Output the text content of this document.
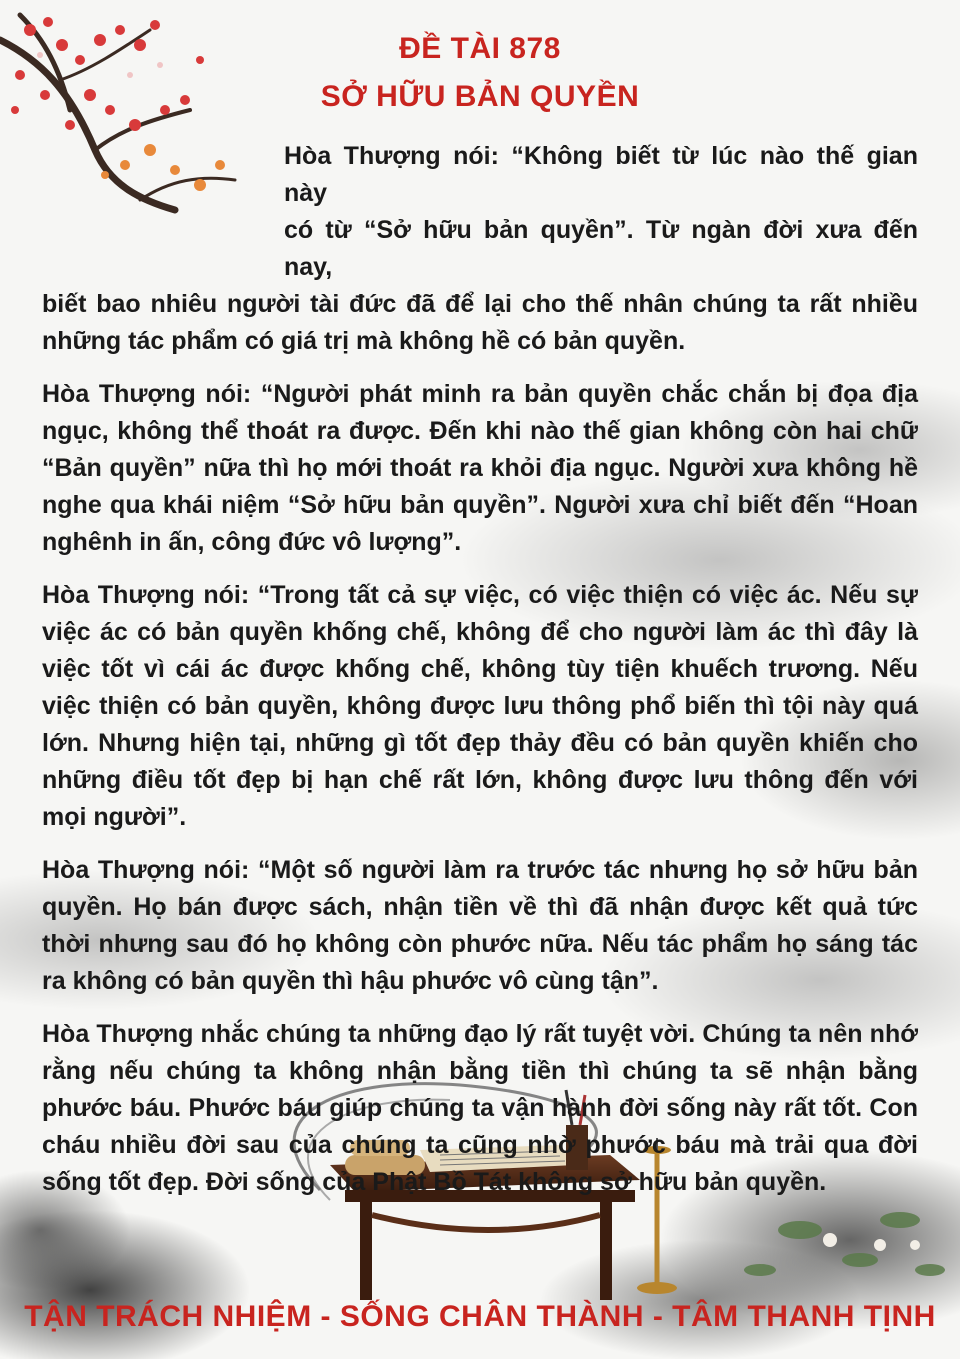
ĐỀ TÀI 878
SỞ HỮU BẢN QUYỀN

Hòa Thượng nói: “Không biết từ lúc nào thế gian này
có từ “Sở hữu bản quyền”. Từ ngàn đời xưa đến nay,
biết bao nhiêu người tài đức đã để lại cho thế nhân chúng ta rất nhiều những tác phẩm có giá trị mà không hề có bản quyền.

Hòa Thượng nói: “Người phát minh ra bản quyền chắc chắn bị đọa địa ngục, không thể thoát ra được. Đến khi nào thế gian không còn hai chữ “Bản quyền” nữa thì họ mới thoát ra khỏi địa ngục. Người xưa không hề nghe qua khái niệm “Sở hữu bản quyền”. Người xưa chỉ biết đến “Hoan nghênh in ấn, công đức vô lượng”.

Hòa Thượng nói: “Trong tất cả sự việc, có việc thiện có việc ác. Nếu sự việc ác có bản quyền khống chế, không để cho người làm ác thì đây là việc tốt vì cái ác được khống chế, không tùy tiện khuếch trương. Nếu việc thiện có bản quyền, không được lưu thông phổ biến thì tội này quá lớn. Nhưng hiện tại, những gì tốt đẹp thảy đều có bản quyền khiến cho những điều tốt đẹp bị hạn chế rất lớn, không được lưu thông đến với mọi người”.

Hòa Thượng nói: “Một số người làm ra trước tác nhưng họ sở hữu bản quyền. Họ bán được sách, nhận tiền về thì đã nhận được kết quả tức thời nhưng sau đó họ không còn phước nữa. Nếu tác phẩm họ sáng tác ra không có bản quyền thì hậu phước vô cùng tận”.

Hòa Thượng nhắc chúng ta những đạo lý rất tuyệt vời. Chúng ta nên nhớ rằng nếu chúng ta không nhận bằng tiền thì chúng ta sẽ nhận bằng phước báu. Phước báu giúp chúng ta vận hành đời sống này rất tốt. Con cháu nhiều đời sau của chúng ta cũng nhờ phước báu mà trải qua đời sống tốt đẹp. Đời sống của Phật Bồ Tát không sở hữu bản quyền.

TẬN TRÁCH NHIỆM - SỐNG CHÂN THÀNH - TÂM THANH TỊNH
